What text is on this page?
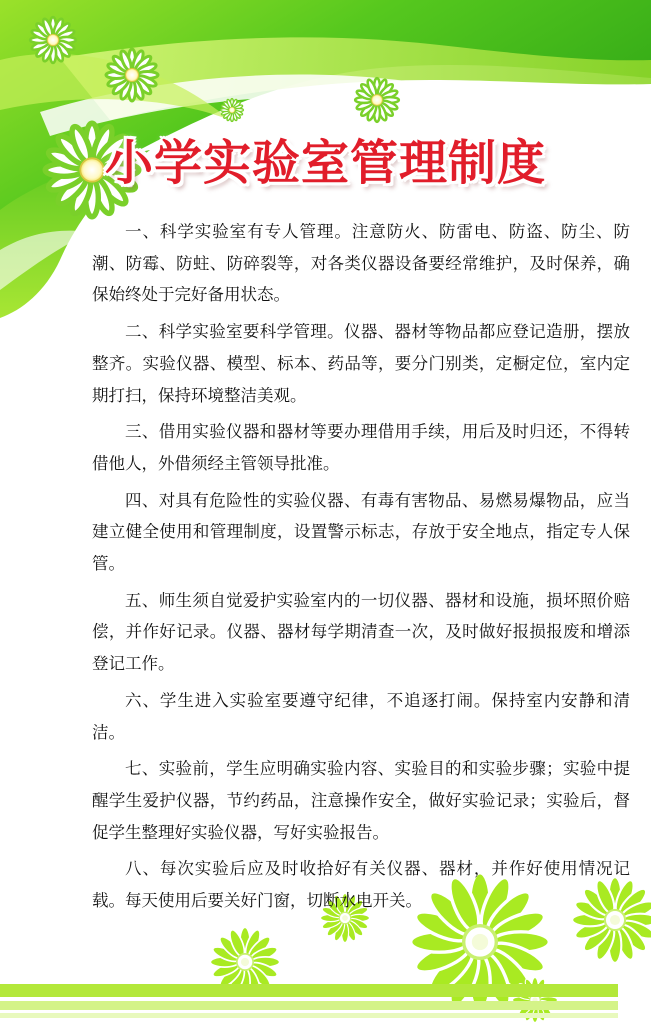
小学实验室管理制度

一、科学实验室有专人管理。注意防火、防雷电、防盗、防尘、防潮、防霉、防蛀、防碎裂等，对各类仪器设备要经常维护，及时保养，确保始终处于完好备用状态。

二、科学实验室要科学管理。仪器、器材等物品都应登记造册，摆放整齐。实验仪器、模型、标本、药品等，要分门别类，定橱定位，室内定期打扫，保持环境整洁美观。

三、借用实验仪器和器材等要办理借用手续，用后及时归还，不得转借他人，外借须经主管领导批准。

四、对具有危险性的实验仪器、有毒有害物品、易燃易爆物品，应当建立健全使用和管理制度，设置警示标志，存放于安全地点，指定专人保管。

五、师生须自觉爱护实验室内的一切仪器、器材和设施，损坏照价赔偿，并作好记录。仪器、器材每学期清查一次，及时做好报损报废和增添登记工作。

六、学生进入实验室要遵守纪律，不追逐打闹。保持室内安静和清洁。

七、实验前，学生应明确实验内容、实验目的和实验步骤；实验中提醒学生爱护仪器，节约药品，注意操作安全，做好实验记录；实验后，督促学生整理好实验仪器，写好实验报告。

八、每次实验后应及时收拾好有关仪器、器材，并作好使用情况记载。每天使用后要关好门窗，切断水电开关。
